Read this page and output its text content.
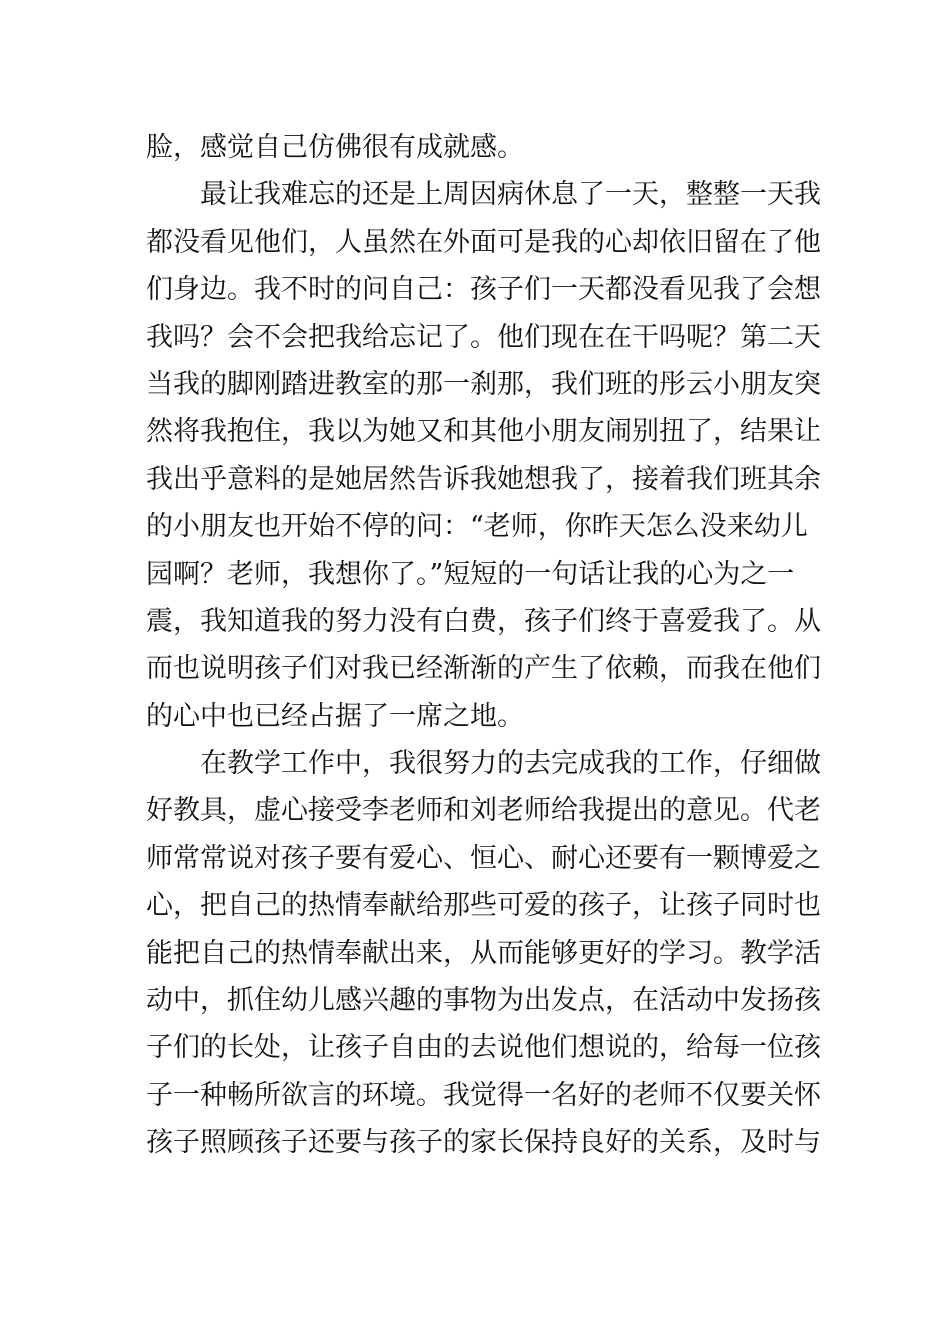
脸，感觉自己仿佛很有成就感。
最让我难忘的还是上周因病休息了一天，整整一天我
都没看见他们，人虽然在外面可是我的心却依旧留在了他
们身边。我不时的问自己：孩子们一天都没看见我了会想
我吗？会不会把我给忘记了。他们现在在干吗呢？第二天
当我的脚刚踏进教室的那一刹那，我们班的彤云小朋友突
然将我抱住，我以为她又和其他小朋友闹别扭了，结果让
我出乎意料的是她居然告诉我她想我了，接着我们班其余
的小朋友也开始不停的问：“老师，你昨天怎么没来幼儿
园啊？老师，我想你了。”短短的一句话让我的心为之一
震，我知道我的努力没有白费，孩子们终于喜爱我了。从
而也说明孩子们对我已经渐渐的产生了依赖，而我在他们
的心中也已经占据了一席之地。
在教学工作中，我很努力的去完成我的工作，仔细做
好教具，虚心接受李老师和刘老师给我提出的意见。代老
师常常说对孩子要有爱心、恒心、耐心还要有一颗博爱之
心，把自己的热情奉献给那些可爱的孩子，让孩子同时也
能把自己的热情奉献出来，从而能够更好的学习。教学活
动中，抓住幼儿感兴趣的事物为出发点，在活动中发扬孩
子们的长处，让孩子自由的去说他们想说的，给每一位孩
子一种畅所欲言的环境。我觉得一名好的老师不仅要关怀
孩子照顾孩子还要与孩子的家长保持良好的关系，及时与
